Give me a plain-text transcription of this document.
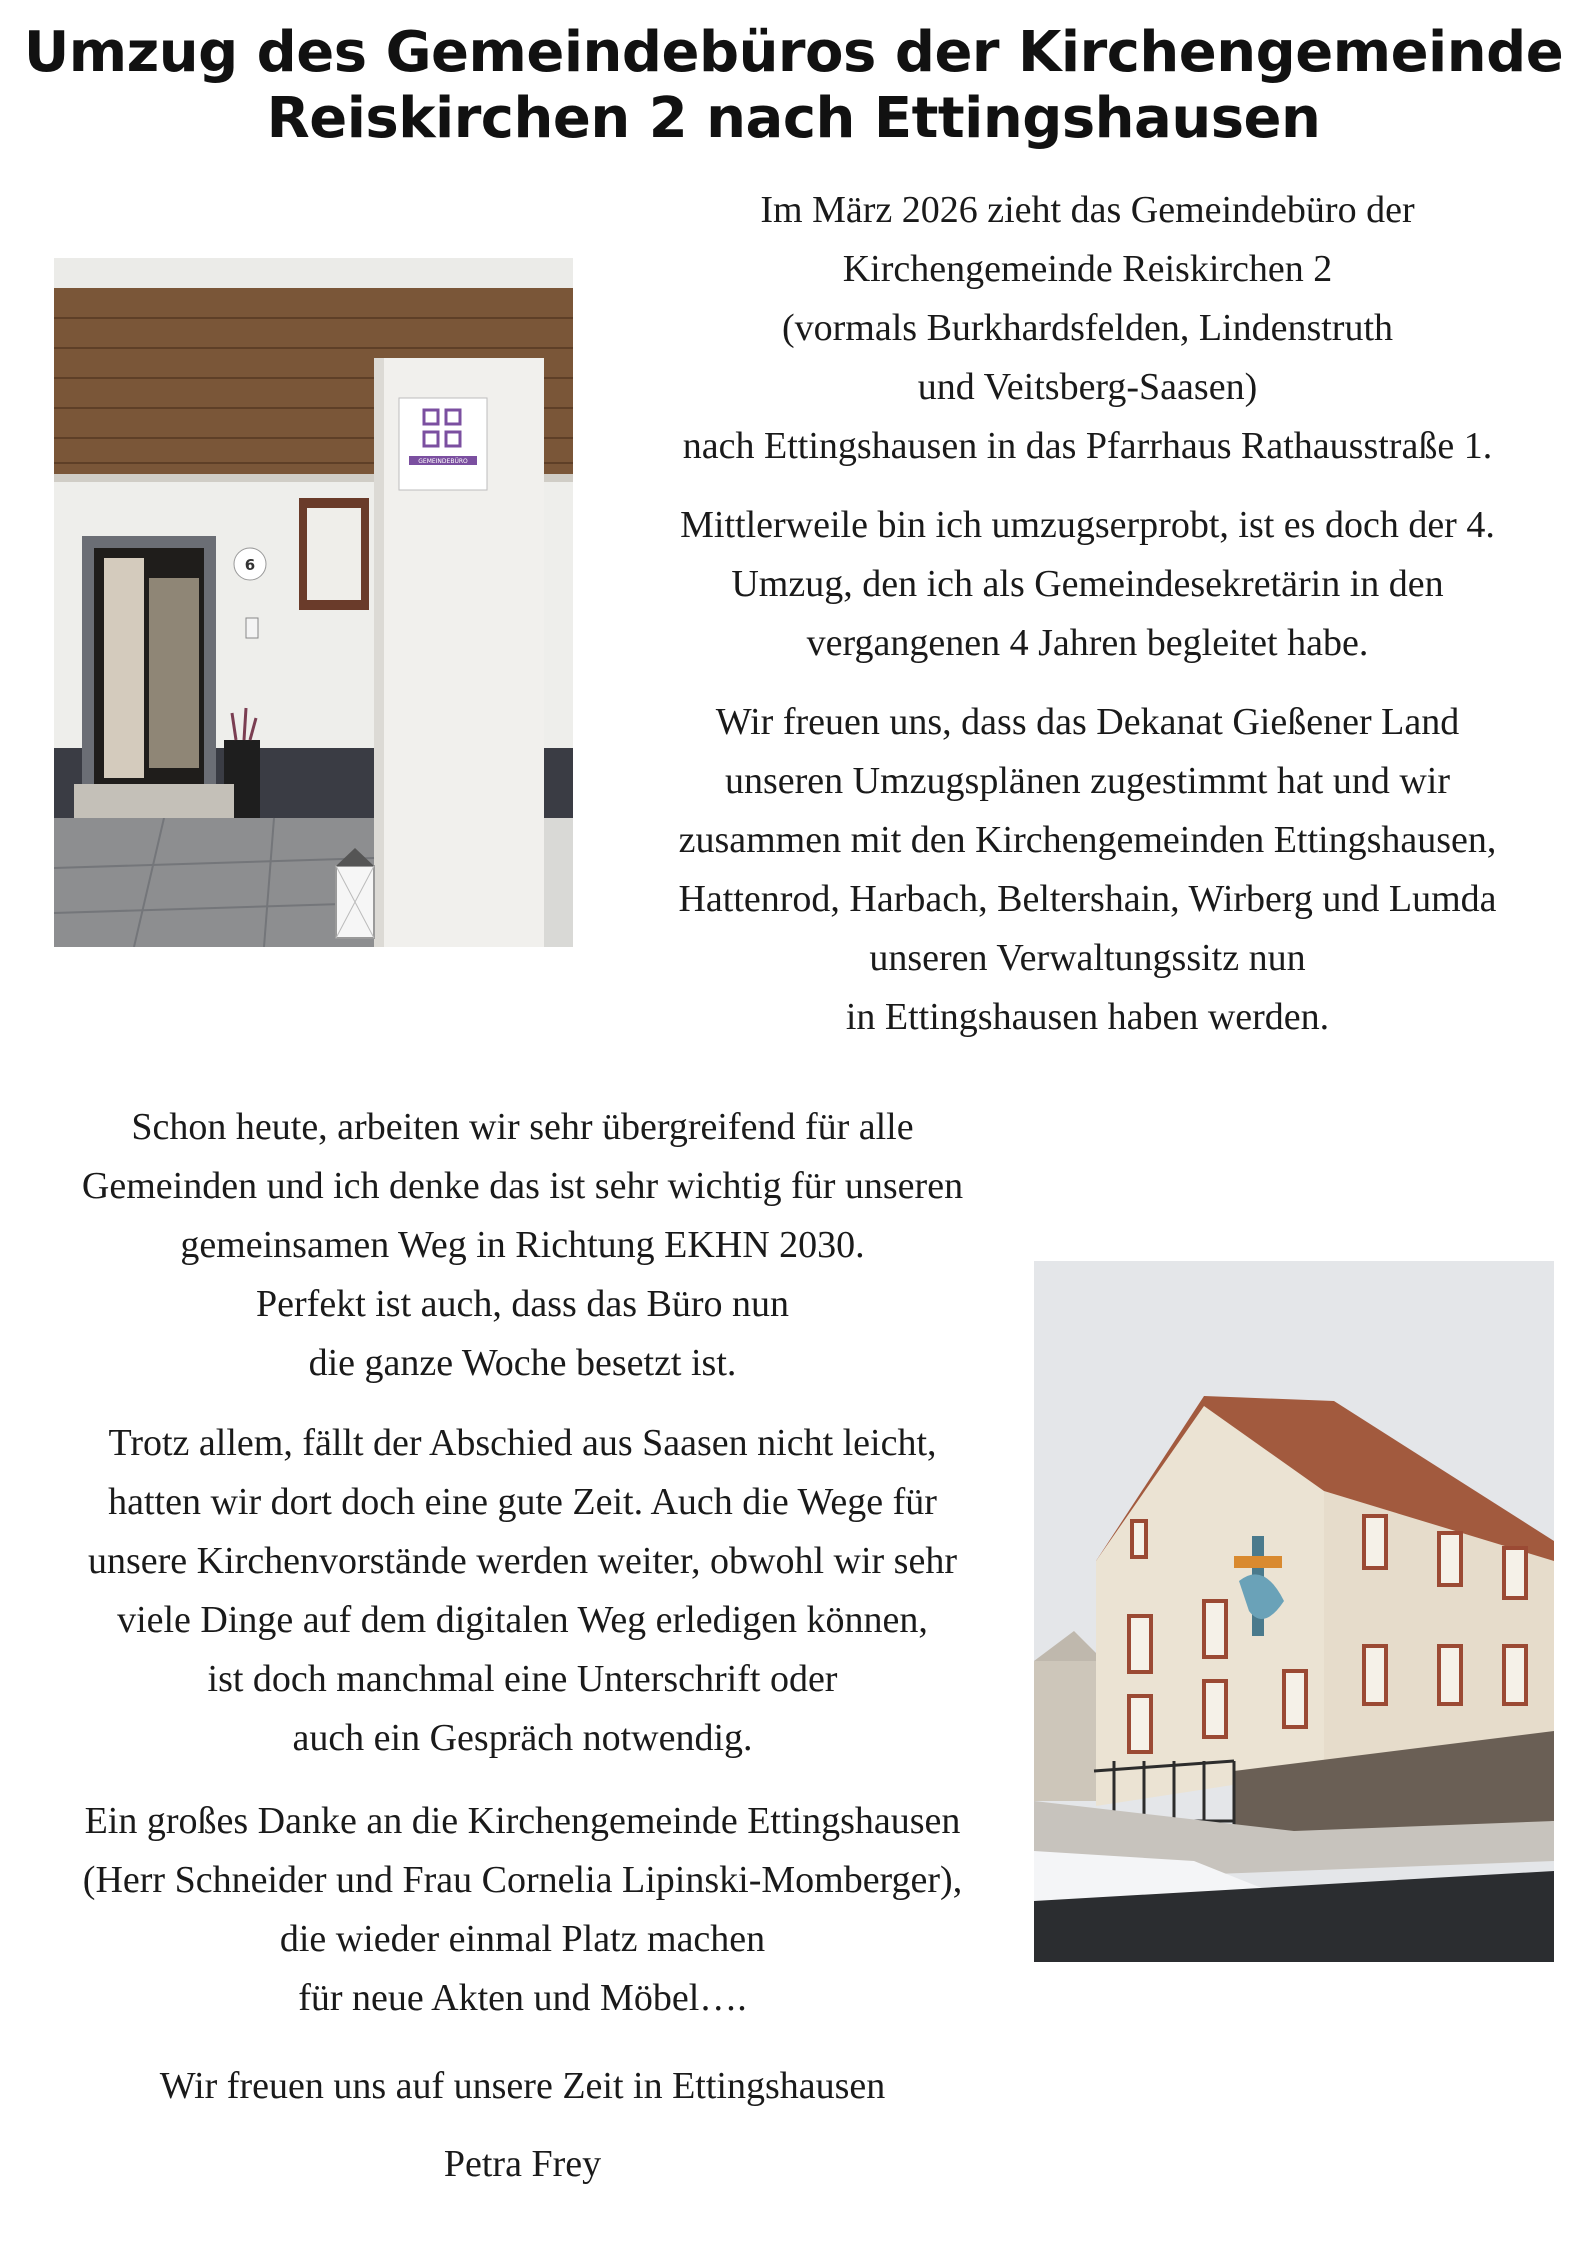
Umzug des Gemeindebüros der Kirchengemeinde
Reiskirchen 2 nach Ettingshausen
6
GEMEINDEBÜRO
Im März 2026 zieht das Gemeindebüro der
Kirchengemeinde Reiskirchen 2
(vormals Burkhardsfelden, Lindenstruth
und Veitsberg-Saasen)
nach Ettingshausen in das Pfarrhaus Rathausstraße 1.
Mittlerweile bin ich umzugserprobt, ist es doch der 4.
Umzug, den ich als Gemeindesekretärin in den
vergangenen 4 Jahren begleitet habe.
Wir freuen uns, dass das Dekanat Gießener Land
unseren Umzugsplänen zugestimmt hat und wir
zusammen mit den Kirchengemeinden Ettingshausen,
Hattenrod, Harbach, Beltershain, Wirberg und Lumda
unseren Verwaltungssitz nun
in Ettingshausen haben werden.
Schon heute, arbeiten wir sehr übergreifend für alle
Gemeinden und ich denke das ist sehr wichtig für unseren
gemeinsamen Weg in Richtung EKHN 2030.
Perfekt ist auch, dass das Büro nun
die ganze Woche besetzt ist.
Trotz allem, fällt der Abschied aus Saasen nicht leicht,
hatten wir dort doch eine gute Zeit. Auch die Wege für
unsere Kirchenvorstände werden weiter, obwohl wir sehr
viele Dinge auf dem digitalen Weg erledigen können,
ist doch manchmal eine Unterschrift oder
auch ein Gespräch notwendig.
Ein großes Danke an die Kirchengemeinde Ettingshausen
(Herr Schneider und Frau Cornelia Lipinski-Momberger),
die wieder einmal Platz machen
für neue Akten und Möbel….
Wir freuen uns auf unsere Zeit in Ettingshausen
Petra Frey
